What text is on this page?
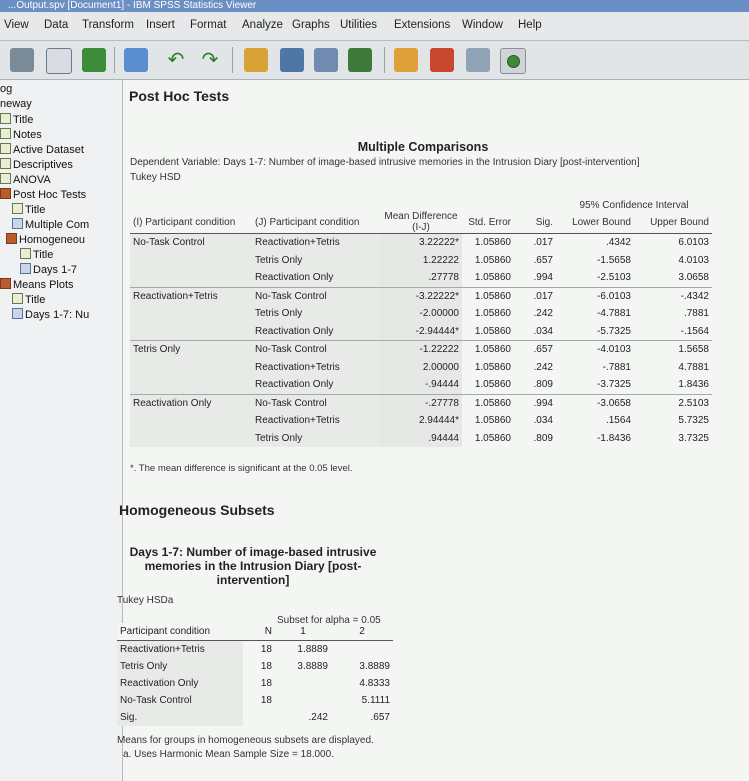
...Output.spv [Document1] - IBM SPSS Statistics Viewer
View Data Transform Insert Format Analyze Graphs Utilities Extensions Window Help
↶ ↷
og
neway
Title
Notes
Active Dataset
Descriptives
ANOVA
Post Hoc Tests
Title
Multiple Com
Homogeneou
Title
Days 1-7
Means Plots
Title
Days 1-7: Nu
Post Hoc Tests
Multiple Comparisons
Dependent Variable: Days 1-7: Number of image-based intrusive memories in the Intrusion Diary [post-intervention]
Tukey HSD
					95% Confidence Interval	
(I) Participant condition	(J) Participant condition	Mean Difference (I-J)	Std. Error	Sig.	Lower Bound	Upper Bound
No-Task Control	Reactivation+Tetris	3.22222*	1.05860	.017	.4342	6.0103
	Tetris Only	1.22222	1.05860	.657	-1.5658	4.0103
	Reactivation Only	.27778	1.05860	.994	-2.5103	3.0658
Reactivation+Tetris	No-Task Control	-3.22222*	1.05860	.017	-6.0103	-.4342
	Tetris Only	-2.00000	1.05860	.242	-4.7881	.7881
	Reactivation Only	-2.94444*	1.05860	.034	-5.7325	-.1564
Tetris Only	No-Task Control	-1.22222	1.05860	.657	-4.0103	1.5658
	Reactivation+Tetris	2.00000	1.05860	.242	-.7881	4.7881
	Reactivation Only	-.94444	1.05860	.809	-3.7325	1.8436
Reactivation Only	No-Task Control	-.27778	1.05860	.994	-3.0658	2.5103
	Reactivation+Tetris	2.94444*	1.05860	.034	.1564	5.7325
	Tetris Only	.94444	1.05860	.809	-1.8436	3.7325
*. The mean difference is significant at the 0.05 level.
Homogeneous Subsets
Days 1-7: Number of image-based intrusive memories in the Intrusion Diary [post-intervention]
Tukey HSDa
Subset for alpha = 0.05
Participant condition	N	1	2
Reactivation+Tetris	18	1.8889	
Tetris Only	18	3.8889	3.8889
Reactivation Only	18		4.8333
No-Task Control	18		5.1111
Sig.		.242	.657
Means for groups in homogeneous subsets are displayed.
a. Uses Harmonic Mean Sample Size = 18.000.
